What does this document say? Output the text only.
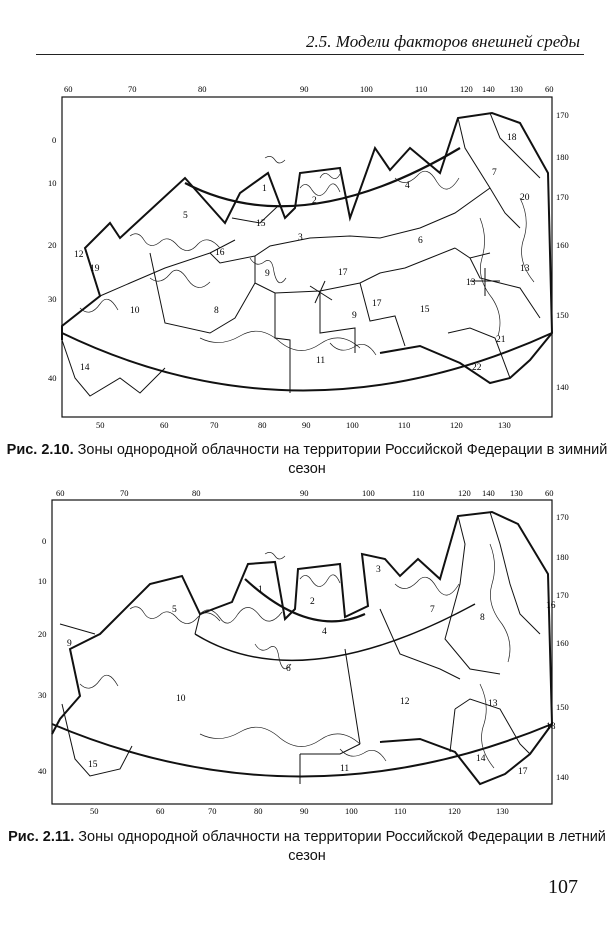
2.5. Модели факторов внешней среды
60	70	80	90	100	110	120	130
140	60
50	60	70	80	90	100	110	120	130
0
10
20
30
40
170
180
170
160
150
140
1
2
3
4
5
6
7
8
9
9
10
11
12
13
13
14
15
15
16
17
17
18
19
20
21
22
Рис. 2.10. Зоны однородной облачности на территории Российской Федерации в зимний сезон
60	70	80	90	100	110	120	130
140	60
50	60	70	80	90	100	110	120	130
0
10
20
30
40
170
180
170
160
150
140
1
2
3
4
5
6
7
8
9
10
11
12	13
14
15
16
17
18
Рис. 2.11. Зоны однородной облачности на территории Российской Федерации в летний сезон
107
